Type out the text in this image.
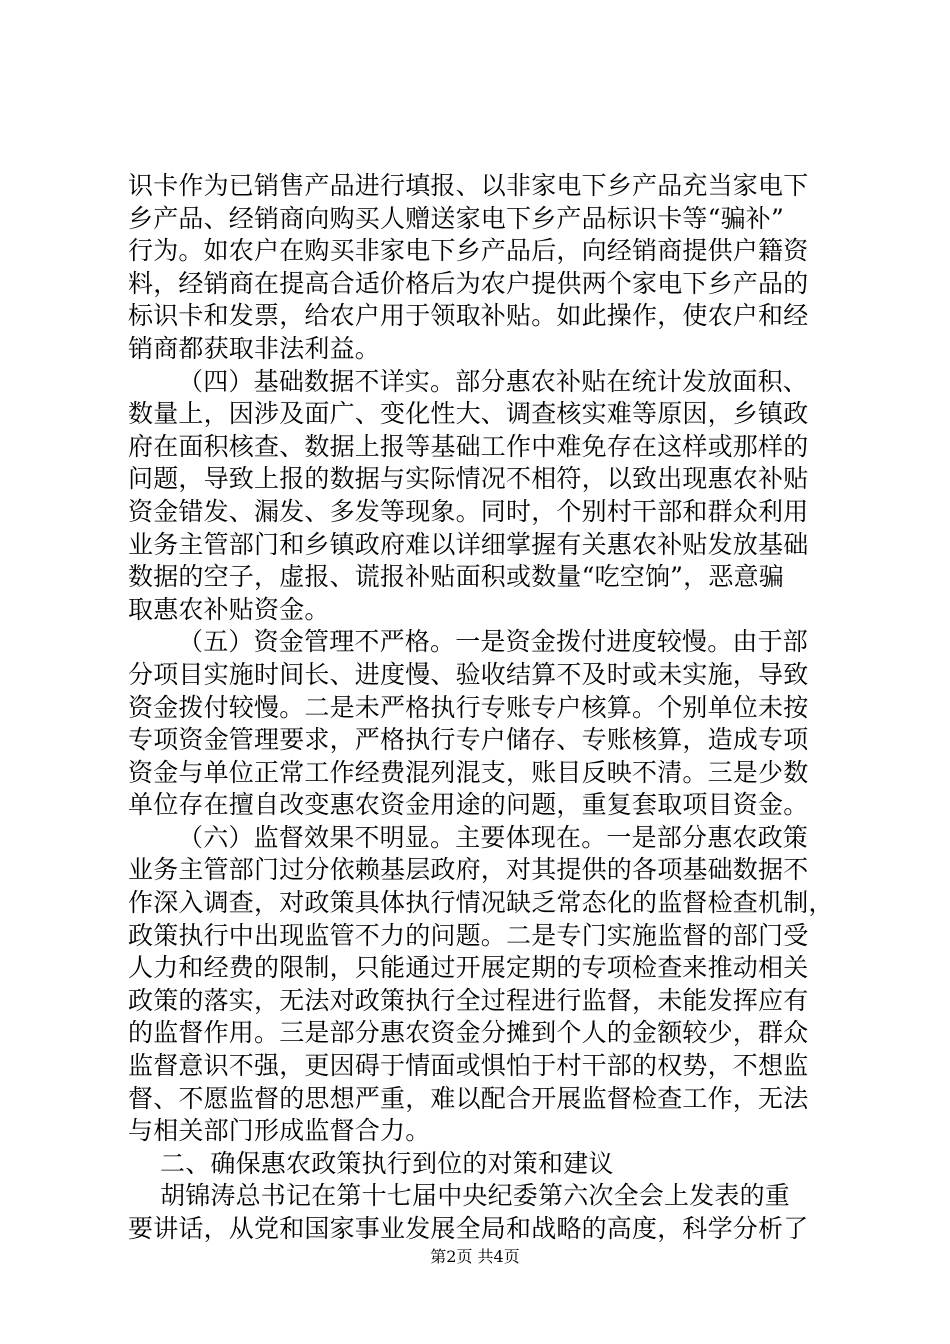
识卡作为已销售产品进行填报、以非家电下乡产品充当家电下
乡产品、经销商向购买人赠送家电下乡产品标识卡等“骗补”
行为。如农户在购买非家电下乡产品后，向经销商提供户籍资
料，经销商在提高合适价格后为农户提供两个家电下乡产品的
标识卡和发票，给农户用于领取补贴。如此操作，使农户和经
销商都获取非法利益。
（四）基础数据不详实。部分惠农补贴在统计发放面积、
数量上，因涉及面广、变化性大、调查核实难等原因，乡镇政
府在面积核查、数据上报等基础工作中难免存在这样或那样的
问题，导致上报的数据与实际情况不相符，以致出现惠农补贴
资金错发、漏发、多发等现象。同时，个别村干部和群众利用
业务主管部门和乡镇政府难以详细掌握有关惠农补贴发放基础
数据的空子，虚报、谎报补贴面积或数量“吃空饷”，恶意骗
取惠农补贴资金。
（五）资金管理不严格。一是资金拨付进度较慢。由于部
分项目实施时间长、进度慢、验收结算不及时或未实施，导致
资金拨付较慢。二是未严格执行专账专户核算。个别单位未按
专项资金管理要求，严格执行专户储存、专账核算，造成专项
资金与单位正常工作经费混列混支，账目反映不清。三是少数
单位存在擅自改变惠农资金用途的问题，重复套取项目资金。
（六）监督效果不明显。主要体现在。一是部分惠农政策
业务主管部门过分依赖基层政府，对其提供的各项基础数据不
作深入调查，对政策具体执行情况缺乏常态化的监督检查机制，
政策执行中出现监管不力的问题。二是专门实施监督的部门受
人力和经费的限制，只能通过开展定期的专项检查来推动相关
政策的落实，无法对政策执行全过程进行监督，未能发挥应有
的监督作用。三是部分惠农资金分摊到个人的金额较少，群众
监督意识不强，更因碍于情面或惧怕于村干部的权势，不想监
督、不愿监督的思想严重，难以配合开展监督检查工作，无法
与相关部门形成监督合力。
二、确保惠农政策执行到位的对策和建议
胡锦涛总书记在第十七届中央纪委第六次全会上发表的重
要讲话，从党和国家事业发展全局和战略的高度，科学分析了
第2页 共4页
